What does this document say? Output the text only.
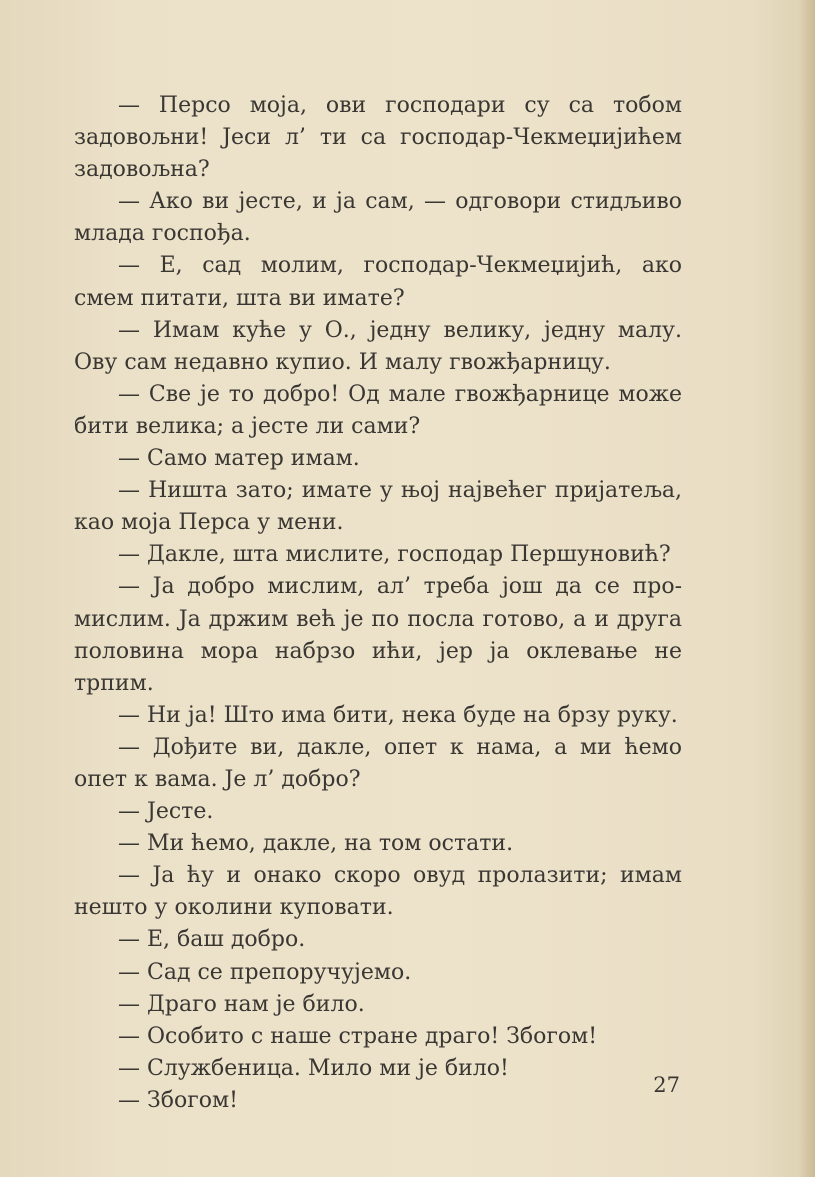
— Персо моја, ови господари су са тобом задовољни! Јеси л’ ти са господар-Чекмеџијићем задовољна?

— Ако ви јесте, и ја сам, — одговори стидљиво млада госпођа.

— Е, сад молим, господар-Чекмеџијић, ако смем питати, шта ви имате?

— Имам куће у О., једну велику, једну малу. Ову сам недавно купио. И малу гвожђарницу.

— Све је то добро! Од мале гвожђарнице може бити велика; а јесте ли сами?

— Само матер имам.

— Ништа зато; имате у њој највећег пријатеља, као моја Перса у мени.

— Дакле, шта мислите, господар Першуновић?

— Ја добро мислим, ал’ треба још да се промислим. Ја држим већ је по посла готово, а и друга половина мора набрзо ићи, јер ја оклевање не трпим.

— Ни ја! Што има бити, нека буде на брзу руку.

— Дођите ви, дакле, опет к нама, а ми ћемо опет к вама. Је л’ добро?

— Јесте.

— Ми ћемо, дакле, на том остати.

— Ја ћу и онако скоро овуд пролазити; имам нешто у околини куповати.

— Е, баш добро.

— Сад се препоручујемо.

— Драго нам је било.

— Особито с наше стране драго! Збогом!

— Службеница. Мило ми је било!

— Збогом!

27
